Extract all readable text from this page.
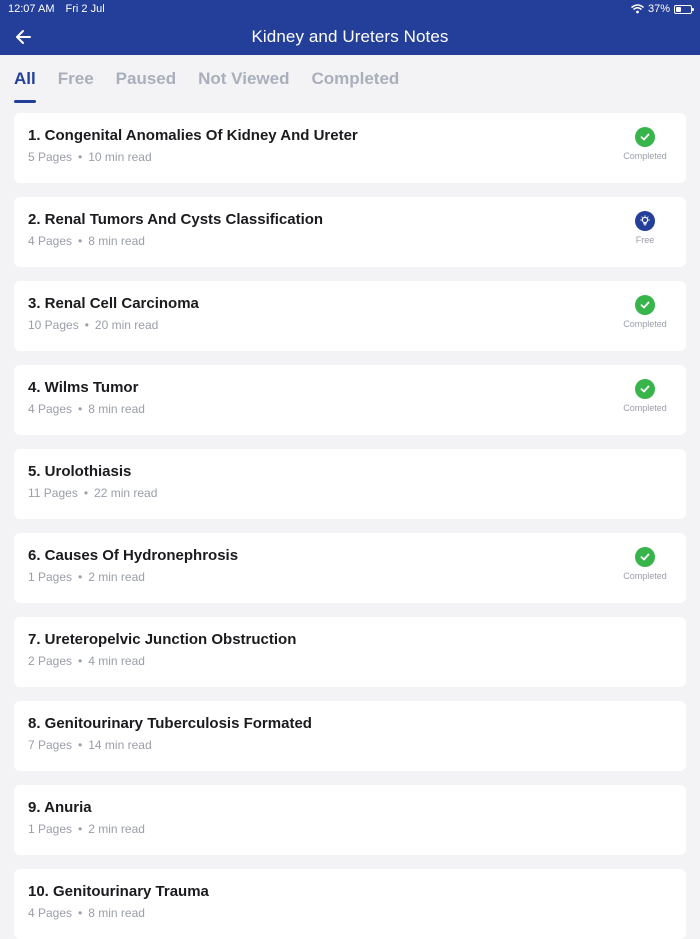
12:07 AM Fri 2 Jul	37%
Kidney and Ureters Notes
All Free Paused Not Viewed Completed
1. Congenital Anomalies Of Kidney And Ureter
5 Pages • 10 min read	Completed
2. Renal Tumors And Cysts Classification
4 Pages • 8 min read	Free
3. Renal Cell Carcinoma
10 Pages • 20 min read	Completed
4. Wilms Tumor
4 Pages • 8 min read	Completed
5. Urolothiasis
11 Pages • 22 min read
6. Causes Of Hydronephrosis
1 Pages • 2 min read	Completed
7. Ureteropelvic Junction Obstruction
2 Pages • 4 min read
8. Genitourinary Tuberculosis Formated
7 Pages • 14 min read
9. Anuria
1 Pages • 2 min read
10. Genitourinary Trauma
4 Pages • 8 min read
